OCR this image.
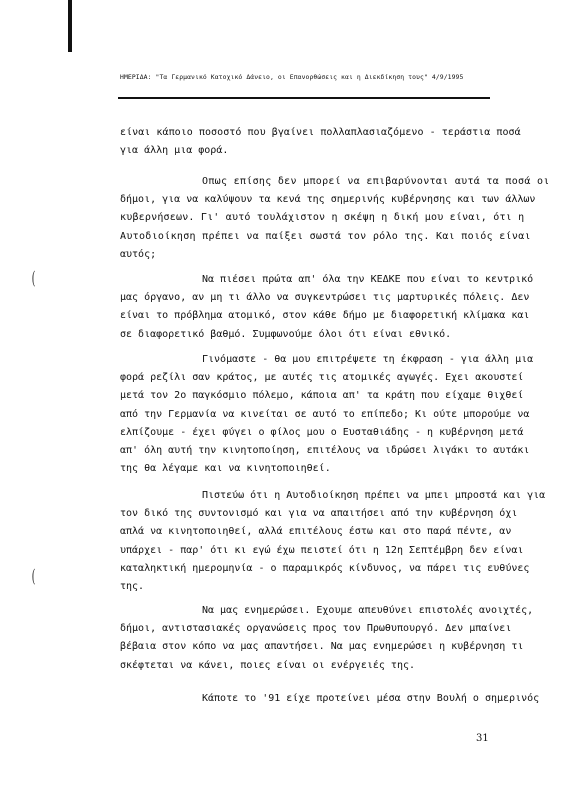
ΗΜΕΡΙΔΑ: "Τα Γερμανικό Κατοχικό Δάνειο, οι Επανορθώσεις και η Διεκδίκηση τους" 4/9/1995
είναι κάποιο ποσοστό που βγαίνει πολλαπλασιαζόμενο - τεράστια ποσά
για άλλη μια φορά.
Οπως επίσης δεν μπορεί να επιβαρύνονται αυτά τα ποσά οι
δήμοι, για να καλύψουν τα κενά της σημερινής κυβέρνησης και των άλλων
κυβερνήσεων. Γι' αυτό τουλάχιστον η σκέψη η δική μου είναι, ότι η
Αυτοδιοίκηση πρέπει να παίξει σωστά τον ρόλο της. Και ποιός είναι
αυτός;
Να πιέσει πρώτα απ' όλα την ΚΕΔΚΕ που είναι το κεντρικό
μας όργανο, αν μη τι άλλο να συγκεντρώσει τις μαρτυρικές πόλεις. Δεν
είναι το πρόβλημα ατομικό, στον κάθε δήμο με διαφορετική κλίμακα και
σε διαφορετικό βαθμό. Συμφωνούμε όλοι ότι είναι εθνικό.
Γινόμαστε - θα μου επιτρέψετε τη έκφραση - για άλλη μια
φορά ρεζίλι σαν κράτος, με αυτές τις ατομικές αγωγές. Εχει ακουστεί
μετά τον 2ο παγκόσμιο πόλεμο, κάποια απ' τα κράτη που είχαμε θιχθεί
από την Γερμανία να κινείται σε αυτό το επίπεδο; Κι ούτε μπορούμε να
ελπίζουμε - έχει φύγει ο φίλος μου ο Ευσταθιάδης - η κυβέρνηση μετά
απ' όλη αυτή την κινητοποίηση, επιτέλους να ιδρώσει λιγάκι το αυτάκι
της θα λέγαμε και να κινητοποιηθεί.
Πιστεύω ότι η Αυτοδιοίκηση πρέπει να μπει μπροστά και για
τον δικό της συντονισμό και για να απαιτήσει από την κυβέρνηση όχι
απλά να κινητοποιηθεί, αλλά επιτέλους έστω και στο παρά πέντε, αν
υπάρχει - παρ' ότι κι εγώ έχω πειστεί ότι η 12η Σεπτέμβρη δεν είναι
καταληκτική ημερομηνία - ο παραμικρός κίνδυνος, να πάρει τις ευθύνες
της.
Να μας ενημερώσει. Εχουμε απευθύνει επιστολές ανοιχτές,
δήμοι, αντιστασιακές οργανώσεις προς τον Πρωθυπουργό. Δεν μπαίνει
βέβαια στον κόπο να μας απαντήσει. Να μας ενημερώσει η κυβέρνηση τι
σκέφτεται να κάνει, ποιες είναι οι ενέργειές της.
Κάποτε το '91 είχε προτείνει μέσα στην Βουλή ο σημερινός
(
(
31
